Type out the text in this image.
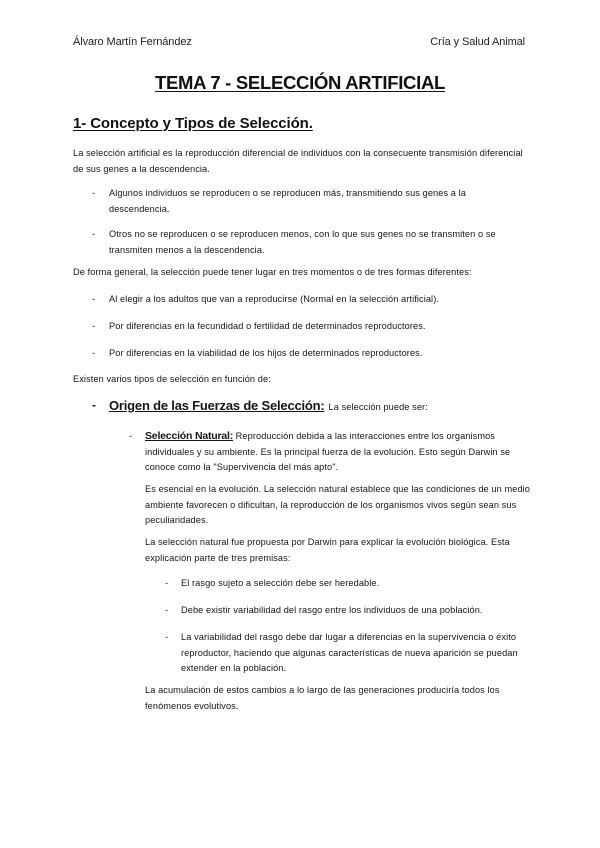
Álvaro Martín Fernández	Cría y Salud Animal
TEMA 7 - SELECCIÓN ARTIFICIAL
1- Concepto y Tipos de Selección.
La selección artificial es la reproducción diferencial de individuos con la consecuente transmisión diferencial de sus genes a la descendencia.
- Algunos individuos se reproducen o se reproducen más, transmitiendo sus genes a la descendencia.
- Otros no se reproducen o se reproducen menos, con lo que sus genes no se transmiten o se transmiten menos a la descendencia.
De forma general, la selección puede tener lugar en tres momentos o de tres formas diferentes:
- Al elegir a los adultos que van a reproducirse (Normal en la selección artificial).
- Por diferencias en la fecundidad o fertilidad de determinados reproductores.
- Por diferencias en la viabilidad de los hijos de determinados reproductores.
Existen varios tipos de selección en función de:
- Origen de las Fuerzas de Selección: La selección puede ser:
- Selección Natural: Reproducción debida a las interacciones entre los organismos individuales y su ambiente. Es la principal fuerza de la evolución. Esto según Darwin se conoce como la "Supervivencia del más apto".
Es esencial en la evolución. La selección natural establece que las condiciones de un medio ambiente favorecen o dificultan, la reproducción de los organismos vivos según sean sus peculiaridades.
La selección natural fue propuesta por Darwin para explicar la evolución biológica. Esta explicación parte de tres premisas:
- El rasgo sujeto a selección debe ser heredable.
- Debe existir variabilidad del rasgo entre los individuos de una población.
- La variabilidad del rasgo debe dar lugar a diferencias en la supervivencia o éxito reproductor, haciendo que algunas características de nueva aparición se puedan extender en la población.
La acumulación de estos cambios a lo largo de las generaciones produciría todos los fenómenos evolutivos.
